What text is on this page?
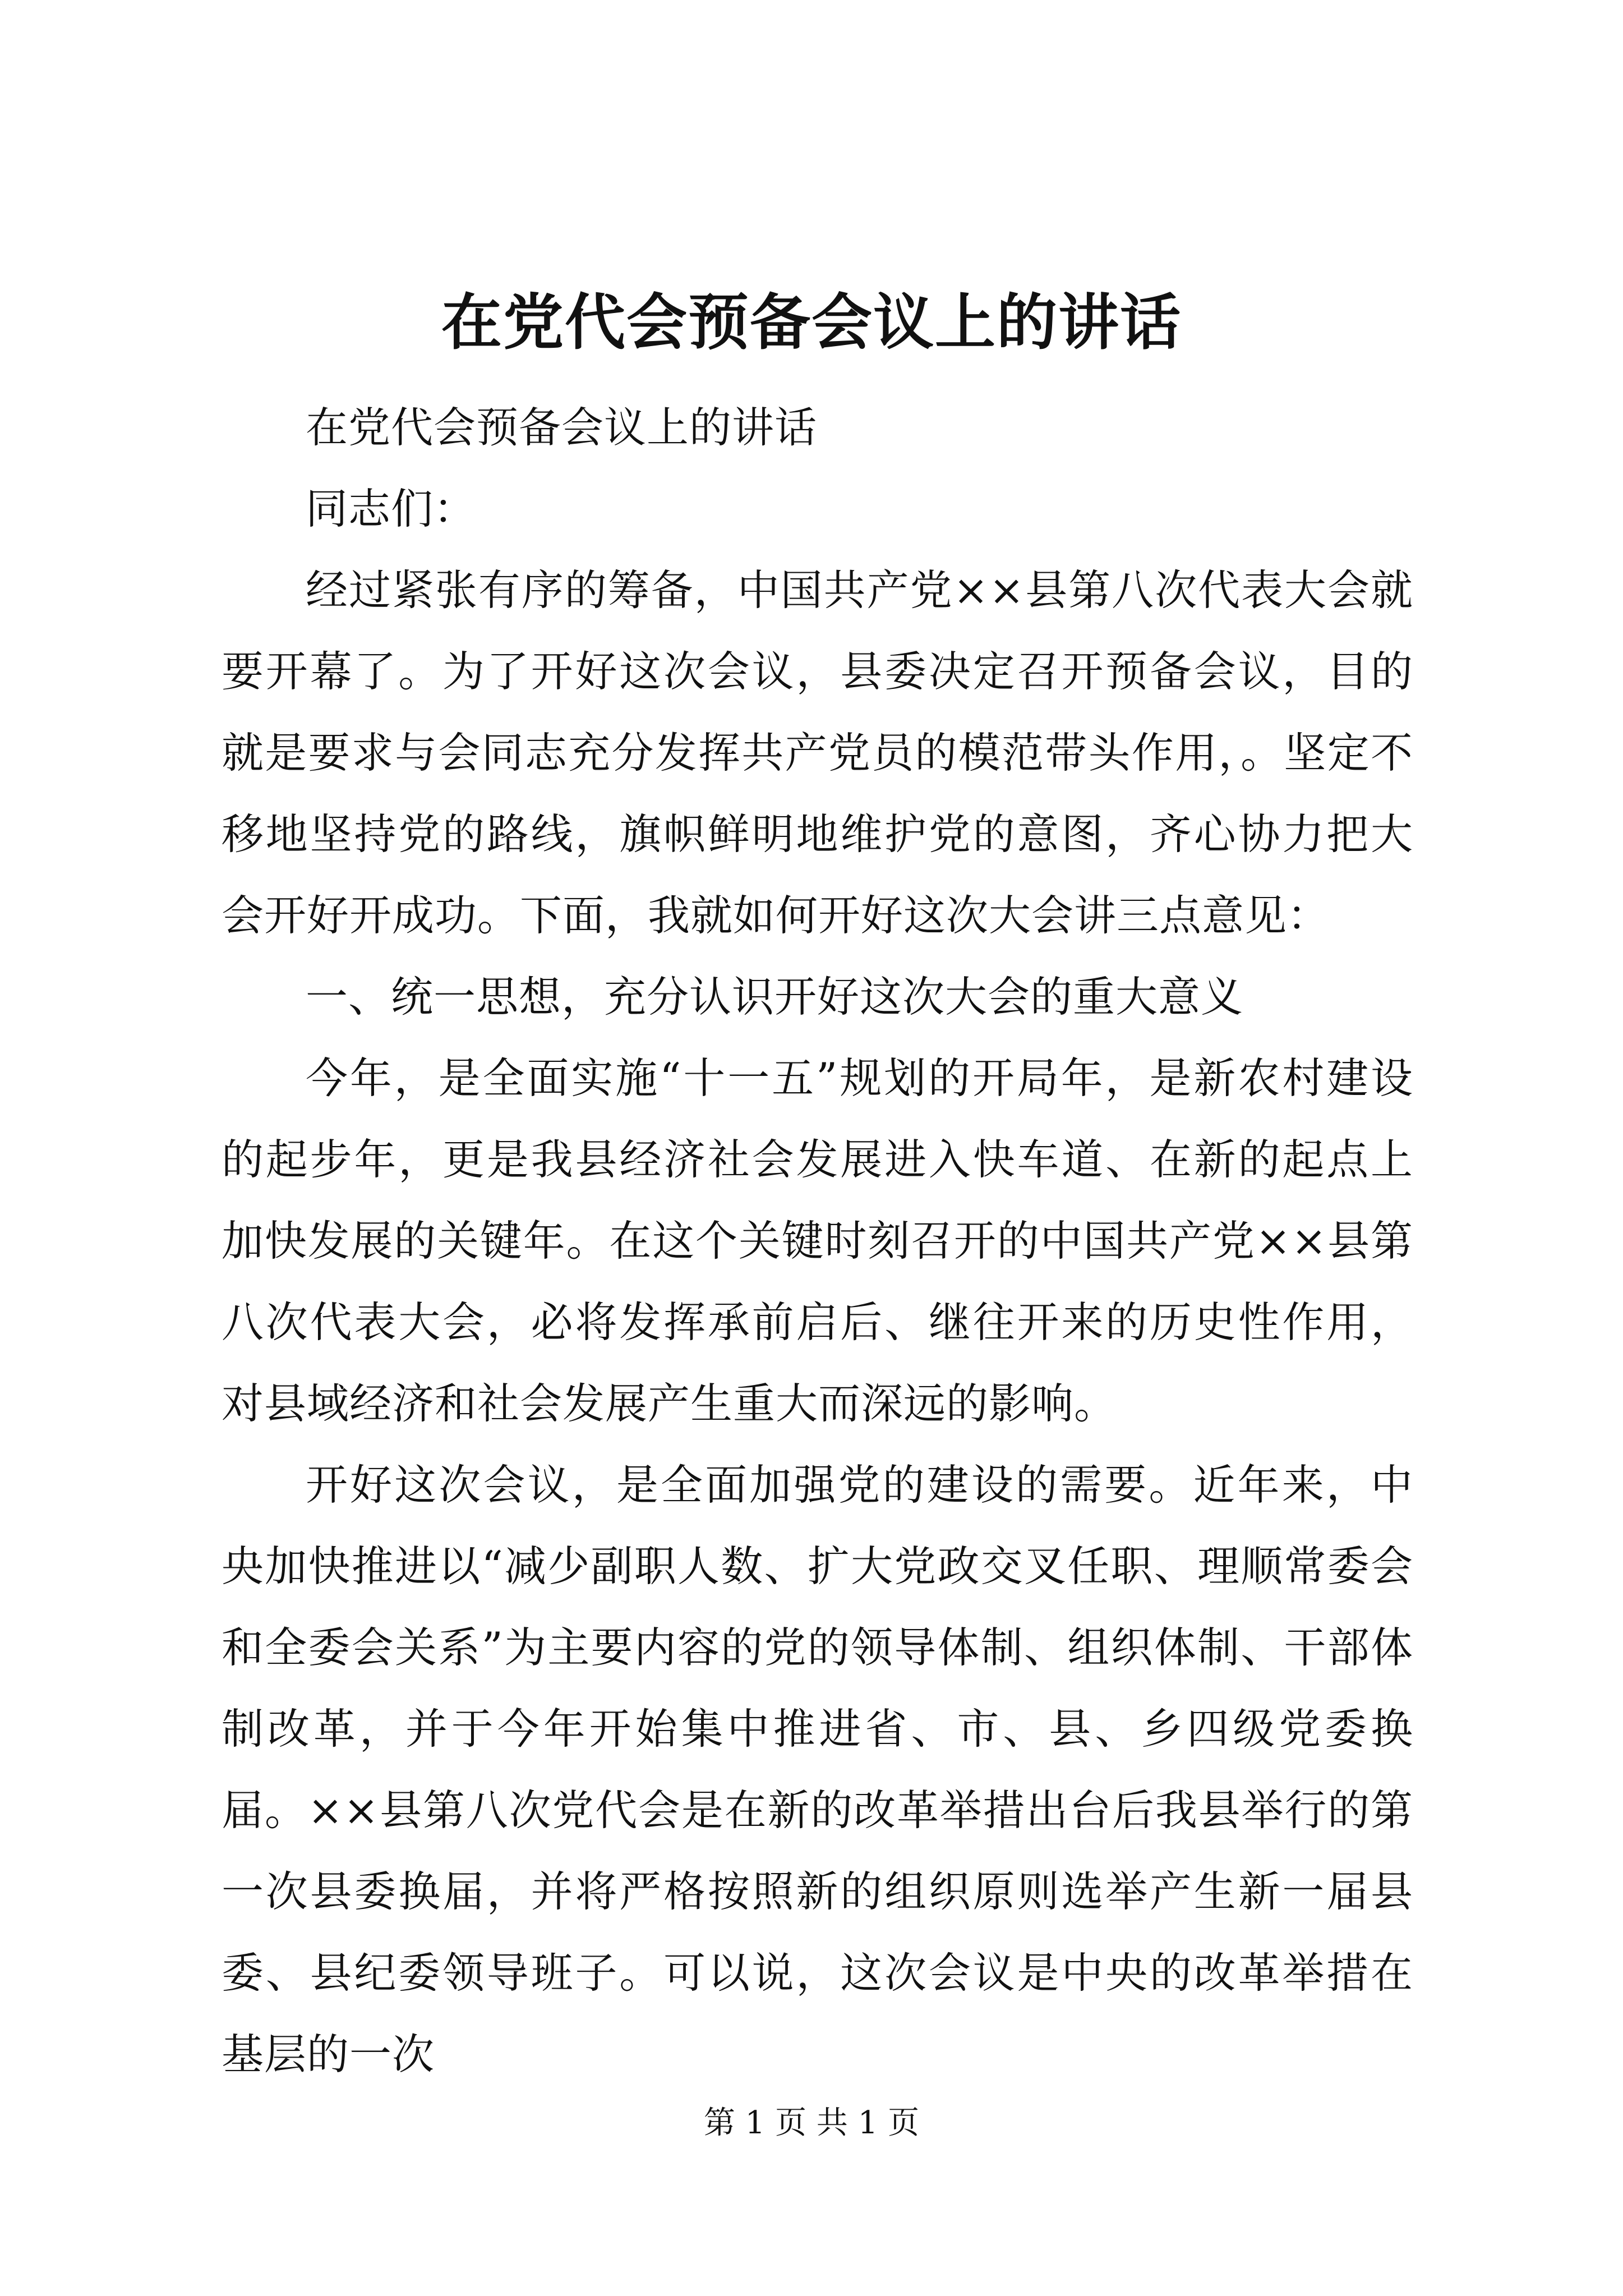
在党代会预备会议上的讲话

在党代会预备会议上的讲话

同志们：

经过紧张有序的筹备，中国共产党××县第八次代表大会就要开幕了。为了开好这次会议，县委决定召开预备会议，目的就是要求与会同志充分发挥共产党员的模范带头作用，。坚定不移地坚持党的路线，旗帜鲜明地维护党的意图，齐心协力把大会开好开成功。下面，我就如何开好这次大会讲三点意见：

一、统一思想，充分认识开好这次大会的重大意义

今年，是全面实施“十一五”规划的开局年，是新农村建设的起步年，更是我县经济社会发展进入快车道、在新的起点上加快发展的关键年。在这个关键时刻召开的中国共产党××县第八次代表大会，必将发挥承前启后、继往开来的历史性作用，对县域经济和社会发展产生重大而深远的影响。

开好这次会议，是全面加强党的建设的需要。近年来，中央加快推进以“减少副职人数、扩大党政交叉任职、理顺常委会和全委会关系”为主要内容的党的领导体制、组织体制、干部体制改革，并于今年开始集中推进省、市、县、乡四级党委换届。××县第八次党代会是在新的改革举措出台后我县举行的第一次县委换届，并将严格按照新的组织原则选举产生新一届县委、县纪委领导班子。可以说，这次会议是中央的改革举措在基层的一次

第 1 页 共 1 页
